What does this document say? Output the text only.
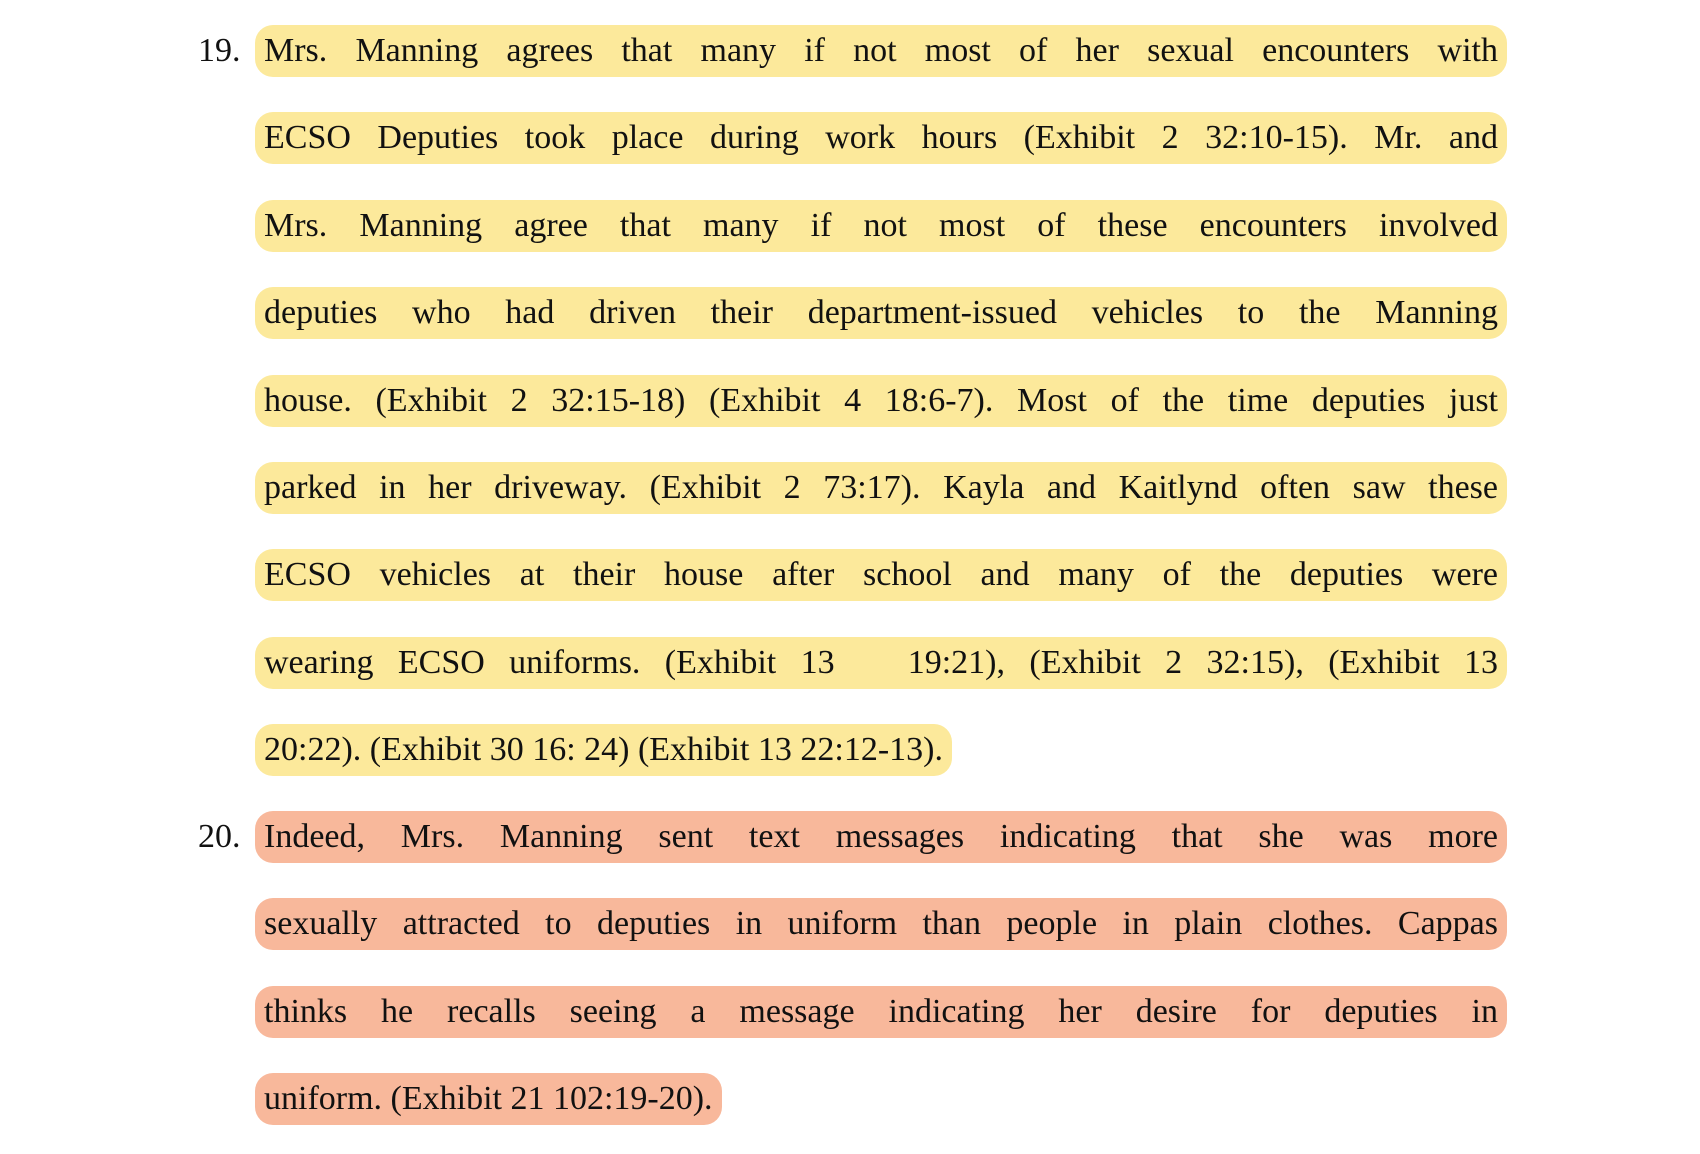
19. Mrs. Manning agrees that many if not most of her sexual encounters with
ECSO Deputies took place during work hours (Exhibit 2 32:10-15). Mr. and
Mrs. Manning agree that many if not most of these encounters involved
deputies who had driven their department-issued vehicles to the Manning
house. (Exhibit 2 32:15-18) (Exhibit 4 18:6-7). Most of the time deputies just
parked in her driveway. (Exhibit 2 73:17). Kayla and Kaitlynd often saw these
ECSO vehicles at their house after school and many of the deputies were
wearing ECSO uniforms. (Exhibit 13   19:21), (Exhibit 2 32:15), (Exhibit 13
20:22). (Exhibit 30 16: 24) (Exhibit 13 22:12-13).
20. Indeed, Mrs. Manning sent text messages indicating that she was more
sexually attracted to deputies in uniform than people in plain clothes. Cappas
thinks he recalls seeing a message indicating her desire for deputies in
uniform. (Exhibit 21 102:19-20).
